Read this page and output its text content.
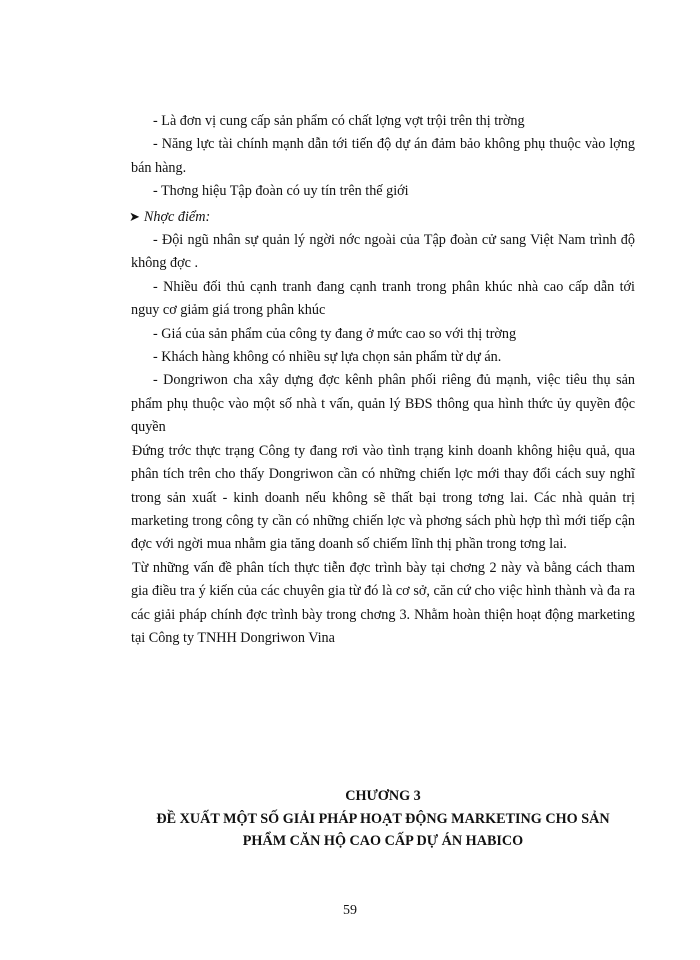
- Là đơn vị cung cấp sản phẩm có chất lợng vợt trội trên thị trờng

- Năng lực tài chính mạnh dẫn tới tiến độ dự án đảm bảo không phụ thuộc vào lợng bán hàng.

- Thơng hiệu Tập đoàn có uy tín trên thế giới

➤ Nhợc điểm:

- Đội ngũ nhân sự quản lý ngời nớc ngoài của Tập đoàn cử sang Việt Nam trình độ không đợc .

- Nhiều đối thủ cạnh tranh đang cạnh tranh trong phân khúc nhà cao cấp dẫn tới nguy cơ giảm giá trong phân khúc

- Giá của sản phẩm của công ty đang ở mức cao so với thị trờng

- Khách hàng không có nhiều sự lựa chọn sản phẩm từ dự án.

- Dongriwon cha xây dựng đợc kênh phân phối riêng đủ mạnh, việc tiêu thụ sản phẩm phụ thuộc vào một số nhà t vấn, quản lý BĐS thông qua hình thức ủy quyền độc quyền

Đứng trớc thực trạng Công ty đang rơi vào tình trạng kinh doanh không hiệu quả, qua phân tích trên cho thấy Dongriwon cần có những chiến lợc mới thay đổi cách suy nghĩ trong sản xuất - kinh doanh nếu không sẽ thất bại trong tơng lai. Các nhà quản trị marketing trong công ty cần có những chiến lợc và phơng sách phù hợp thì mới tiếp cận đợc với ngời mua nhằm gia tăng doanh số chiếm lĩnh thị phần trong tơng lai.

Từ những vấn đề phân tích thực tiễn đợc trình bày tại chơng 2 này và bằng cách tham gia điều tra ý kiến của các chuyên gia từ đó là cơ sở, căn cứ cho việc hình thành và đa ra các giải pháp chính đợc trình bày trong chơng 3. Nhằm hoàn thiện hoạt động marketing tại Công ty TNHH Dongriwon Vina

CHƯƠNG 3

ĐỀ XUẤT MỘT SỐ GIẢI PHÁP HOẠT ĐỘNG MARKETING CHO SẢN

PHẨM CĂN HỘ CAO CẤP DỰ ÁN HABICO

59
